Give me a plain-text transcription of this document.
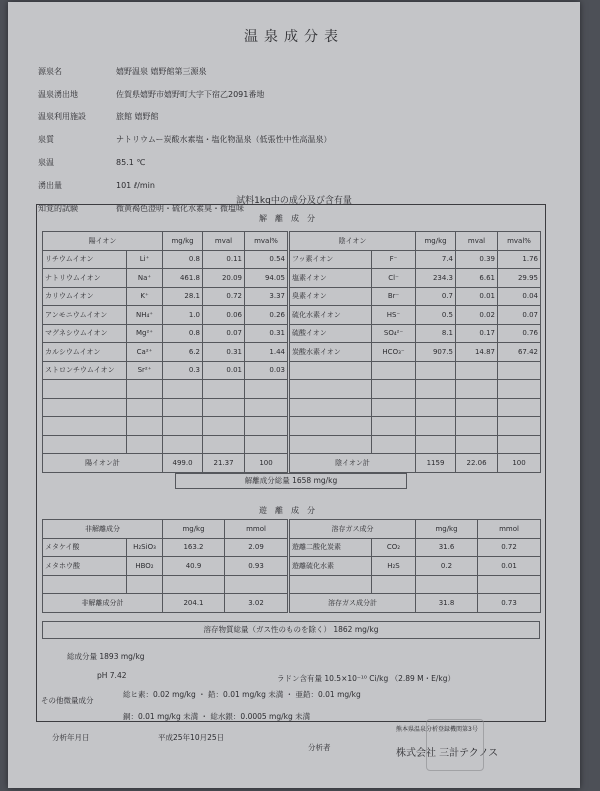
温泉成分表
源泉名	嬉野温泉 嬉野館第三源泉
温泉湧出地	佐賀県嬉野市嬉野町大字下宿乙2091番地
温泉利用施設	旅館 嬉野館
泉質	ナトリウムー炭酸水素塩・塩化物温泉（低張性中性高温泉）
泉温	85.1 ℃
湧出量	101 ℓ/min
知覚的試験	微黄褐色澄明・硫化水素臭・微塩味
試料1kg中の成分及び含有量
解離成分
陽イオン		mg/kg	mval	mval%
リチウムイオン	Li⁺	0.8	0.11	0.54
ナトリウムイオン	Na⁺	461.8	20.09	94.05
カリウムイオン	K⁺	28.1	0.72	3.37
アンモニウムイオン	NH₄⁺	1.0	0.06	0.26
マグネシウムイオン	Mg²⁺	0.8	0.07	0.31
カルシウムイオン	Ca²⁺	6.2	0.31	1.44
ストロンチウムイオン	Sr²⁺	0.3	0.01	0.03

陽イオン計		499.0	21.37	100
陰イオン		mg/kg	mval	mval%
フッ素イオン	F⁻	7.4	0.39	1.76
塩素イオン	Cl⁻	234.3	6.61	29.95
臭素イオン	Br⁻	0.7	0.01	0.04
硫化水素イオン	HS⁻	0.5	0.02	0.07
硫酸イオン	SO₄²⁻	8.1	0.17	0.76
炭酸水素イオン	HCO₃⁻	907.5	14.87	67.42

陰イオン計		1159	22.06	100
解離成分総量 1658 mg/kg
遊離成分
非解離成分		mg/kg	mmol
メタケイ酸	H₂SiO₃	163.2	2.09
メタホウ酸	HBO₂	40.9	0.93

非解離成分計		204.1	3.02
溶存ガス成分		mg/kg	mmol
遊離二酸化炭素	CO₂	31.6	0.72
遊離硫化水素	H₂S	0.2	0.01

溶存ガス成分計		31.8	0.73
溶存物質総量（ガス性のものを除く） 1862 mg/kg
総成分量 1893 mg/kg
pH 7.42	ラドン含有量 10.5×10⁻¹⁰ Ci/kg （2.89 M・E/kg）
その他微量成分
総ヒ素：0.02 mg/kg ・ 鉛：0.01 mg/kg 未満 ・ 亜鉛：0.01 mg/kg
銅：0.01 mg/kg 未満 ・ 総水銀：0.0005 mg/kg 未満
分析年月日	平成25年10月25日
分析者
熊本県温泉分析登録機関第3号
株式会社 三計テクノス
